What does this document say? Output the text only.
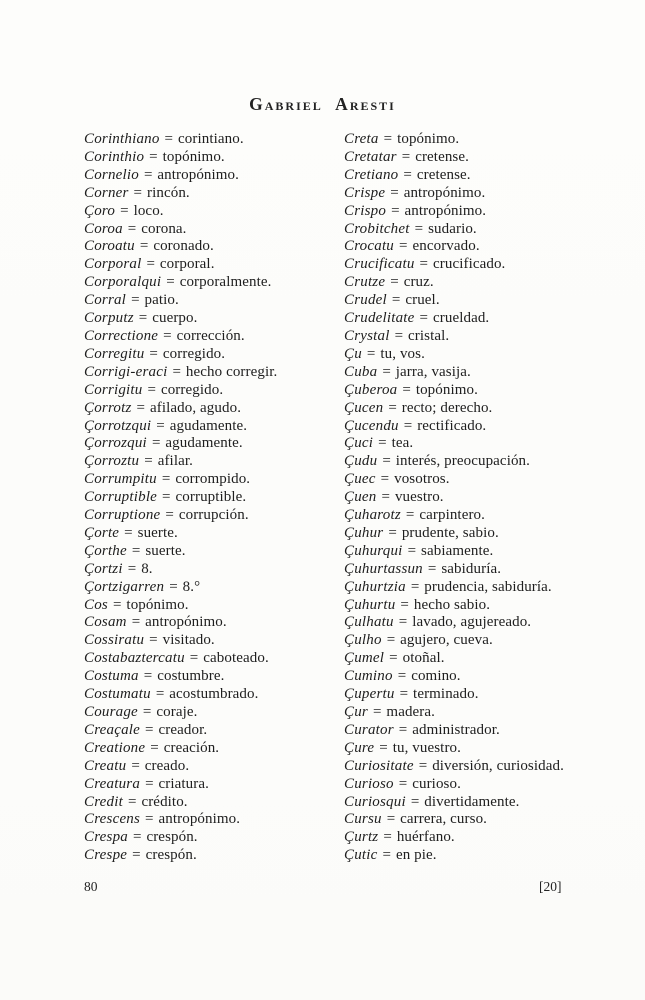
Gabriel Aresti
Corinthiano = corintiano.
Corinthio = topónimo.
Cornelio = antropónimo.
Corner = rincón.
Çoro = loco.
Coroa = corona.
Coroatu = coronado.
Corporal = corporal.
Corporalqui = corporalmente.
Corral = patio.
Corputz = cuerpo.
Correctione = corrección.
Corregitu = corregido.
Corrigi-eraci = hecho corregir.
Corrigitu = corregido.
Çorrotz = afilado, agudo.
Çorrotzqui = agudamente.
Çorrozqui = agudamente.
Çorroztu = afilar.
Corrumpitu = corrompido.
Corruptible = corruptible.
Corruptione = corrupción.
Çorte = suerte.
Çorthe = suerte.
Çortzi = 8.
Çortzigarren = 8.°
Cos = topónimo.
Cosam = antropónimo.
Cossiratu = visitado.
Costabaztercatu = caboteado.
Costuma = costumbre.
Costumatu = acostumbrado.
Courage = coraje.
Creaçale = creador.
Creatione = creación.
Creatu = creado.
Creatura = criatura.
Credit = crédito.
Crescens = antropónimo.
Crespa = crespón.
Crespe = crespón.
Creta = topónimo.
Cretatar = cretense.
Cretiano = cretense.
Crispe = antropónimo.
Crispo = antropónimo.
Crobitchet = sudario.
Crocatu = encorvado.
Crucificatu = crucificado.
Crutze = cruz.
Crudel = cruel.
Crudelitate = crueldad.
Crystal = cristal.
Çu = tu, vos.
Cuba = jarra, vasija.
Çuberoa = topónimo.
Çucen = recto; derecho.
Çucendu = rectificado.
Çuci = tea.
Çudu = interés, preocupación.
Çuec = vosotros.
Çuen = vuestro.
Çuharotz = carpintero.
Çuhur = prudente, sabio.
Çuhurqui = sabiamente.
Çuhurtassun = sabiduría.
Çuhurtzia = prudencia, sabiduría.
Çuhurtu = hecho sabio.
Çulhatu = lavado, agujereado.
Çulho = agujero, cueva.
Çumel = otoñal.
Cumino = comino.
Çupertu = terminado.
Çur = madera.
Curator = administrador.
Çure = tu, vuestro.
Curiositate = diversión, curiosidad.
Curioso = curioso.
Curiosqui = divertidamente.
Cursu = carrera, curso.
Çurtz = huérfano.
Çutic = en pie.
80	[20]
